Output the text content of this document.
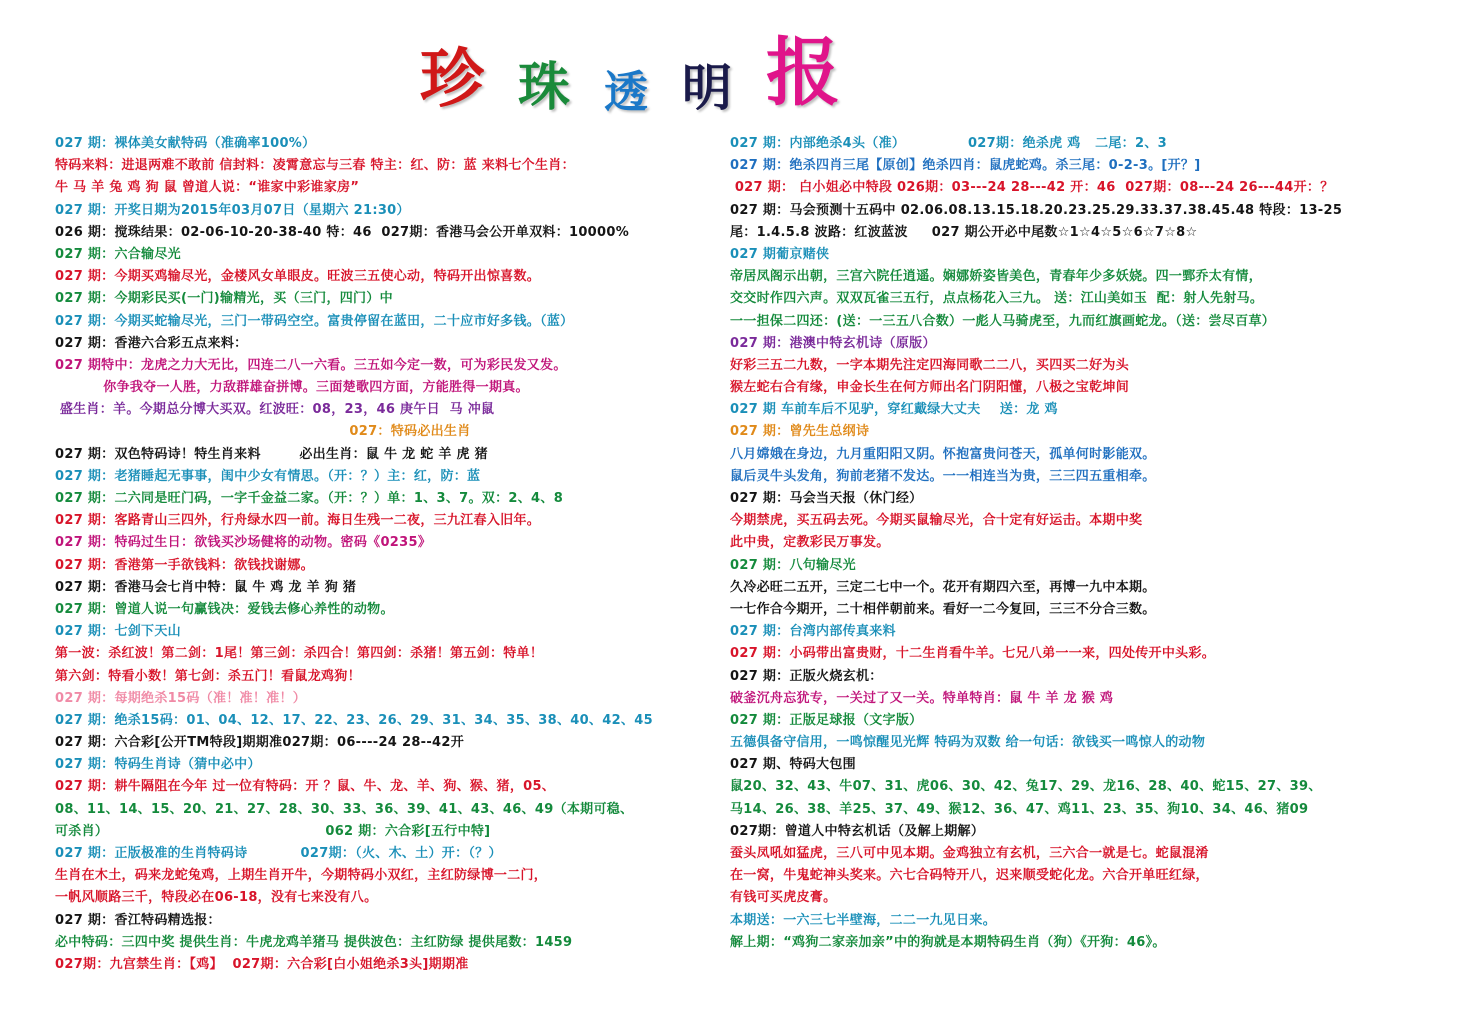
珍 珠 透 明 报
027 期：裸体美女献特码（准确率100%）
特码来料：进退两难不敢前 信封料：凌霄意忘与三春 特主：红、防：蓝 来料七个生肖：
牛 马 羊 兔 鸡 狗 鼠 曾道人说：“谁家中彩谁家房”
027 期：开奖日期为2015年03月07日（星期六 21:30）
026 期：搅珠结果：02-06-10-20-38-40 特：46  027期：香港马会公开单双料：10000%
027 期：六合输尽光
027 期：今期买鸡输尽光，金楼风女单眼皮。旺波三五使心动，特码开出惊喜数。
027 期：今期彩民买(一门)输精光，买（三门，四门）中
027 期：今期买蛇输尽光，三门一带码空空。富贵停留在蓝田，二十应市好多钱。（蓝）
027 期：香港六合彩五点来料：
027 期特中：龙虎之力大无比，四连二八一六看。三五如今定一数，可为彩民发又发。
你争我夺一人胜，力敌群雄奋拼博。三面楚歌四方面，方能胜得一期真。
盛生肖：羊。今期总分博大买双。红波旺：08，23，46 庚午日  马 冲鼠
027：特码必出生肖
027 期：双色特码诗！特生肖来料        必出生肖：鼠 牛 龙 蛇 羊 虎 猪
027 期：老猪睡起无事事，闺中少女有情思。（开：？）主：红，防：蓝
027 期：二六同是旺门码，一字千金益二家。（开：？）单：1、3、7。双：2、4、8
027 期：客路青山三四外，行舟绿水四一前。海日生残一二夜，三九江春入旧年。
027 期：特码过生日：欲钱买沙场健将的动物。密码《0235》
027 期：香港第一手欲钱料：欲钱找谢娜。
027 期：香港马会七肖中特：鼠 牛 鸡 龙 羊 狗 猪
027 期：曾道人说一句赢钱决：爱钱去修心养性的动物。
027 期：七剑下天山
第一波：杀红波！第二剑：1尾！第三剑：杀四合！第四剑：杀猪！第五剑：特单！
第六剑：特看小数！第七剑：杀五门！看鼠龙鸡狗！
027 期：每期绝杀15码（准！准！准！）
027 期：绝杀15码：01、04、12、17、22、23、26、29、31、34、35、38、40、42、45
027 期：六合彩[公开TM特段]期期准027期：06----24 28--42开
027 期：特码生肖诗（猜中必中）
027 期：耕牛隔阻在今年 过一位有特码：开 ？鼠、牛、龙、羊、狗、猴、猪，05、
08、11、14、15、20、21、27、28、30、33、36、39、41、43、46、49（本期可稳、
可杀肖）                                             062 期：六合彩[五行中特]
027 期：正版极准的生肖特码诗           027期：（火、木、土）开：（？）
生肖在木土，码来龙蛇兔鸡，上期生肖开牛，今期特码小双红，主红防绿博一二门，
一帆风顺路三千，特段必在06-18，没有七来没有八。
027 期：香江特码精选报：
必中特码：三四中奖 提供生肖：牛虎龙鸡羊猪马 提供波色：主红防绿 提供尾数：1459
027期：九宫禁生肖：【鸡】  027期：六合彩[白小姐绝杀3头]期期准
027 期：内部绝杀4头（准）             027期：绝杀虎 鸡   二尾：2、3
027 期：绝杀四肖三尾【原创】绝杀四肖：鼠虎蛇鸡。杀三尾：0-2-3。[开？]
027 期： 白小姐必中特段 026期：03---24 28---42 开：46  027期：08---24 26---44开：？
027 期：马会预测十五码中 02.06.08.13.15.18.20.23.25.29.33.37.38.45.48 特段：13-25
尾：1.4.5.8 波路：红波蓝波     027 期公开必中尾数☆1☆4☆5☆6☆7☆8☆
027 期葡京赌侠
帝居凤阁示出朝，三宫六院任逍遥。娴娜娇姿皆美色，青春年少多妖娆。四一鄄乔太有情，
交交时作四六声。双双瓦雀三五行，点点杨花入三九。 送：江山美如玉  配：射人先射马。
一一担保二四还：(送：一三五八合数）一彪人马骑虎至，九而红旗画蛇龙。（送：尝尽百草）
027 期：港澳中特玄机诗（原版）
好彩三五二九数，一字本期先注定四海同歌二二八，买四买二好为头
猴左蛇右合有缘，申金长生在何方师出名门阴阳懂，八极之宝乾坤间
027 期 车前车后不见驴，穿红戴绿大丈夫    送：龙 鸡
027 期：曾先生总纲诗
八月嫦娥在身边，九月重阳阳又阴。怀抱富贵问苍天，孤单何时影能双。
鼠后灵牛头发角，狗前老猪不发达。一一相连当为贵，三三四五重相牵。
027 期：马会当天报（休门经）
今期禁虎，买五码去死。今期买鼠输尽光，合十定有好运击。本期中奖
此中贵，定教彩民万事发。
027 期：八句输尽光
久冷必旺二五开，三定二七中一个。花开有期四六至，再博一九中本期。
一七作合今期开，二十相伴朝前来。看好一二今复回，三三不分合三数。
027 期：台湾内部传真来料
027 期：小码带出富贵财，十二生肖看牛羊。七兄八弟一一来，四处传开中头彩。
027 期：正版火烧玄机：
破釜沉舟忘犹专，一关过了又一关。特单特肖：鼠 牛 羊 龙 猴 鸡
027 期：正版足球报（文字版）
五德俱备守信用，一鸣惊醒见光辉 特码为双数 给一句话：欲钱买一鸣惊人的动物
027 期、特码大包围
鼠20、32、43、牛07、31、虎06、30、42、兔17、29、龙16、28、40、蛇15、27、39、
马14、26、38、羊25、37、49、猴12、36、47、鸡11、23、35、狗10、34、46、猪09
027期：曾道人中特玄机话（及解上期解）
蚕头凤吼如猛虎，三八可中见本期。金鸡独立有玄机，三六合一就是七。蛇鼠混淆
在一窝，牛鬼蛇神头奖来。六七合码特开八，迟来顺受蛇化龙。六合开单旺红绿，
有钱可买虎皮膏。
本期送：一六三七半壁海，二二一九见日来。
解上期：“鸡狗二家亲加亲”中的狗就是本期特码生肖（狗）《开狗：46》。
